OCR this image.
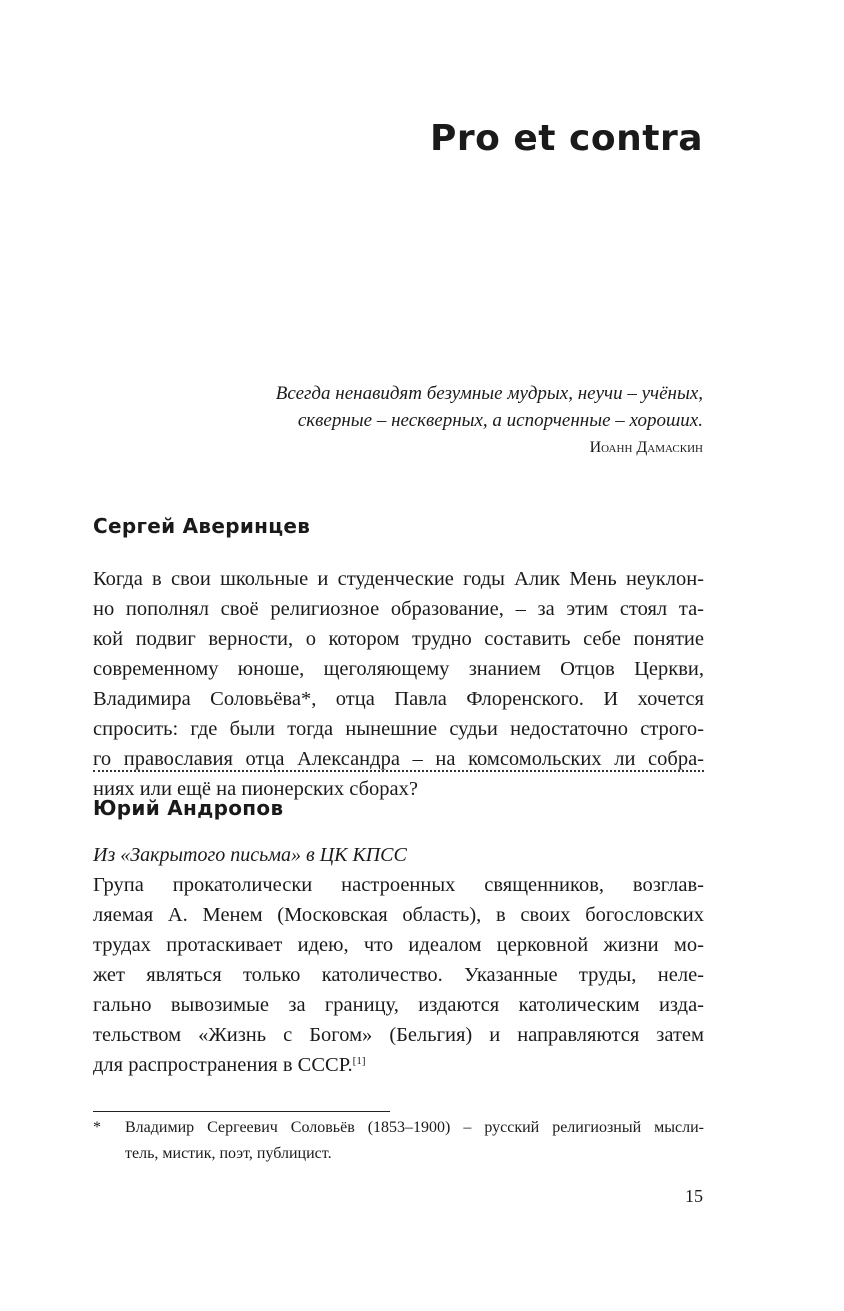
Pro et contra
Всегда ненавидят безумные мудрых, неучи – учёных,
скверные – нескверных, а испорченные – хороших.
Иоанн Дамаскин
Сергей Аверинцев
Когда в свои школьные и студенческие годы Алик Мень неуклон-
но пополнял своё религиозное образование, – за этим стоял та-
кой подвиг верности, о котором трудно составить себе понятие
современному юноше, щеголяющему знанием Отцов Церкви,
Владимира Соловьёва*, отца Павла Флоренского. И хочется
спросить: где были тогда нынешние судьи недостаточно строго-
го православия отца Александра – на комсомольских ли собра-
ниях или ещё на пионерских сборах?
Юрий Андропов
Из «Закрытого письма» в ЦК КПСС
Група прокатолически настроенных священников, возглав-
ляемая А. Менем (Московская область), в своих богословских
трудах протаскивает идею, что идеалом церковной жизни мо-
жет являться только католичество. Указанные труды, неле-
гально вывозимые за границу, издаются католическим изда-
тельством «Жизнь с Богом» (Бельгия) и направляются затем
для распространения в СССР.[1]
* Владимир Сергеевич Соловьёв (1853–1900) – русский религиозный мысли-
тель, мистик, поэт, публицист.
15
